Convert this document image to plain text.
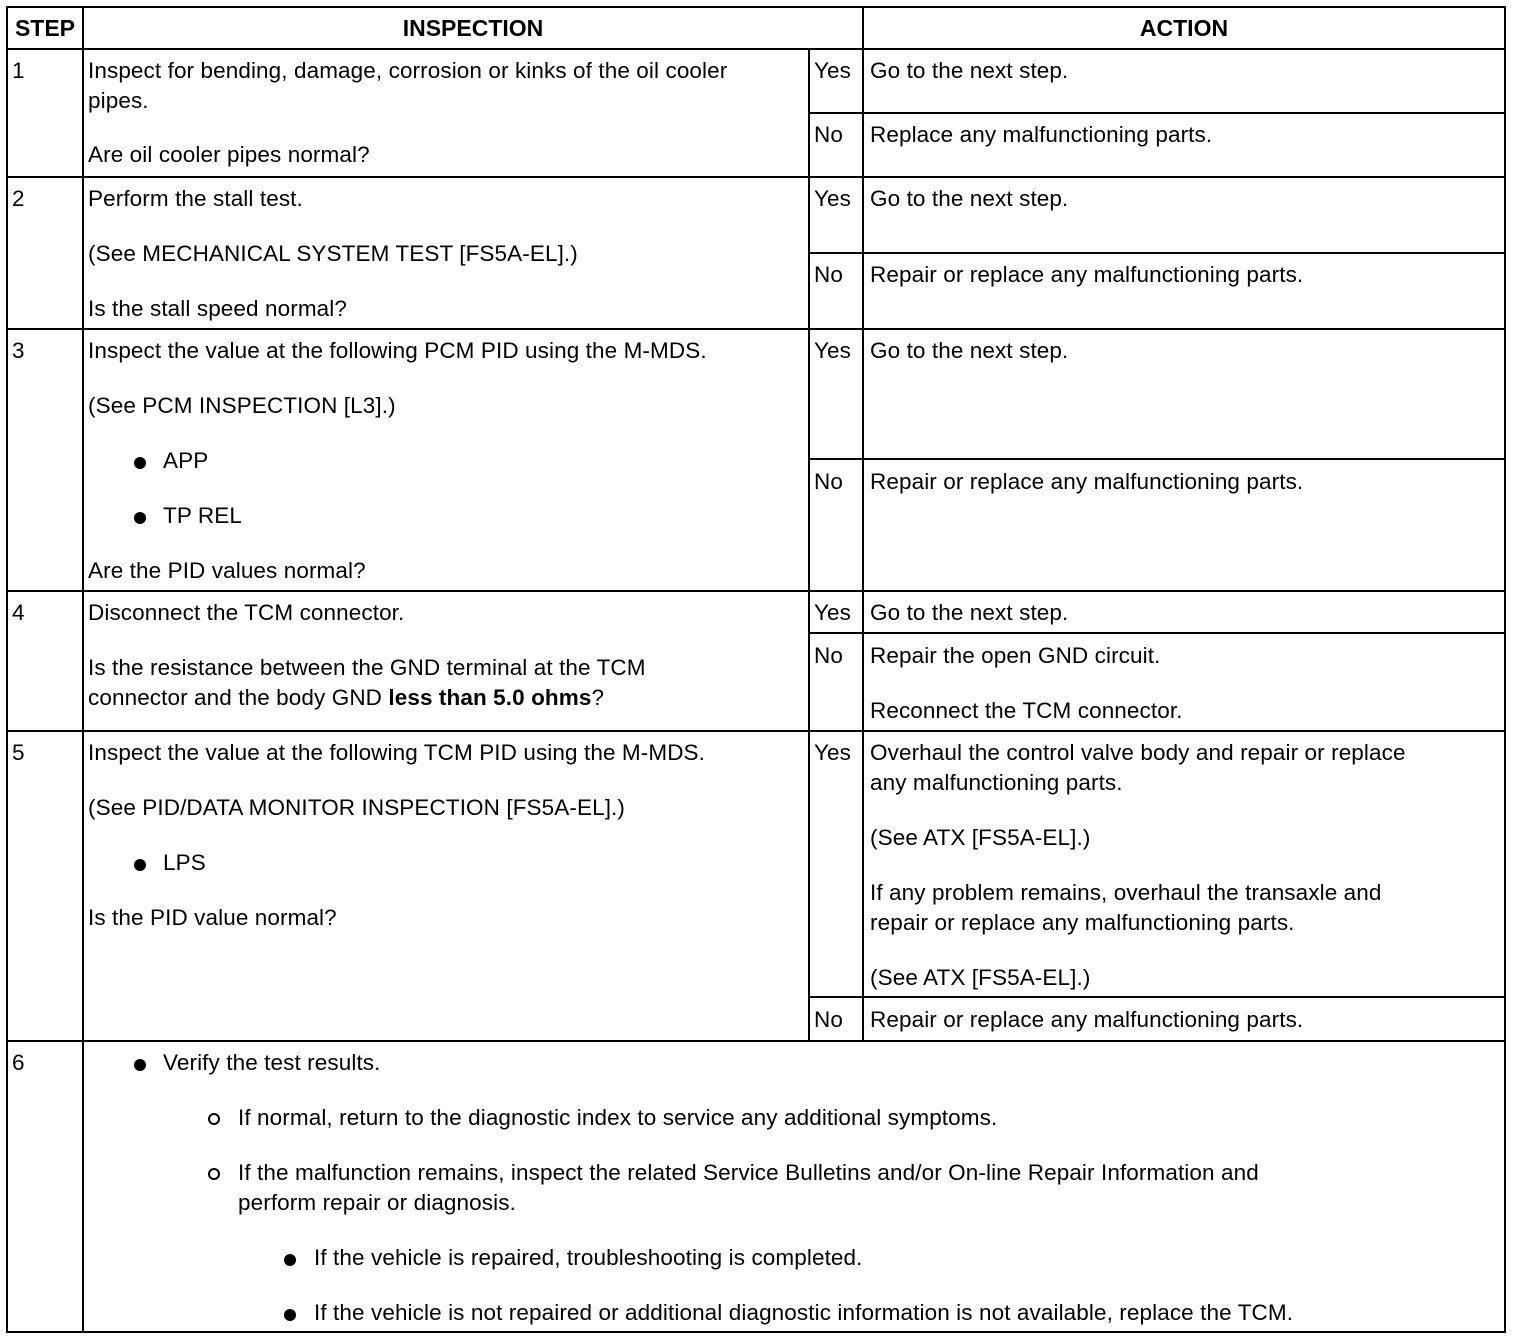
STEP	INSPECTION	ACTION
1	Inspect for bending, damage, corrosion or kinks of the oil cooler
pipes.
Are oil cooler pipes normal?
Yes Go to the next step.
No Replace any malfunctioning parts.
2	Perform the stall test.
(See MECHANICAL SYSTEM TEST [FS5A-EL].)
Is the stall speed normal?
Yes Go to the next step.
No Repair or replace any malfunctioning parts.
3	Inspect the value at the following PCM PID using the M-MDS.
(See PCM INSPECTION [L3].)
APP
TP REL
Are the PID values normal?
Yes Go to the next step.
No Repair or replace any malfunctioning parts.
4	Disconnect the TCM connector.
Is the resistance between the GND terminal at the TCM
connector and the body GND less than 5.0 ohms?
Yes Go to the next step.
No Repair the open GND circuit.
Reconnect the TCM connector.
5	Inspect the value at the following TCM PID using the M-MDS.
(See PID/DATA MONITOR INSPECTION [FS5A-EL].)
LPS
Is the PID value normal?
Yes Overhaul the control valve body and repair or replace
any malfunctioning parts.
(See ATX [FS5A-EL].)
If any problem remains, overhaul the transaxle and
repair or replace any malfunctioning parts.
(See ATX [FS5A-EL].)
No Repair or replace any malfunctioning parts.
6	Verify the test results.
If normal, return to the diagnostic index to service any additional symptoms.
If the malfunction remains, inspect the related Service Bulletins and/or On-line Repair Information and
perform repair or diagnosis.
If the vehicle is repaired, troubleshooting is completed.
If the vehicle is not repaired or additional diagnostic information is not available, replace the TCM.
